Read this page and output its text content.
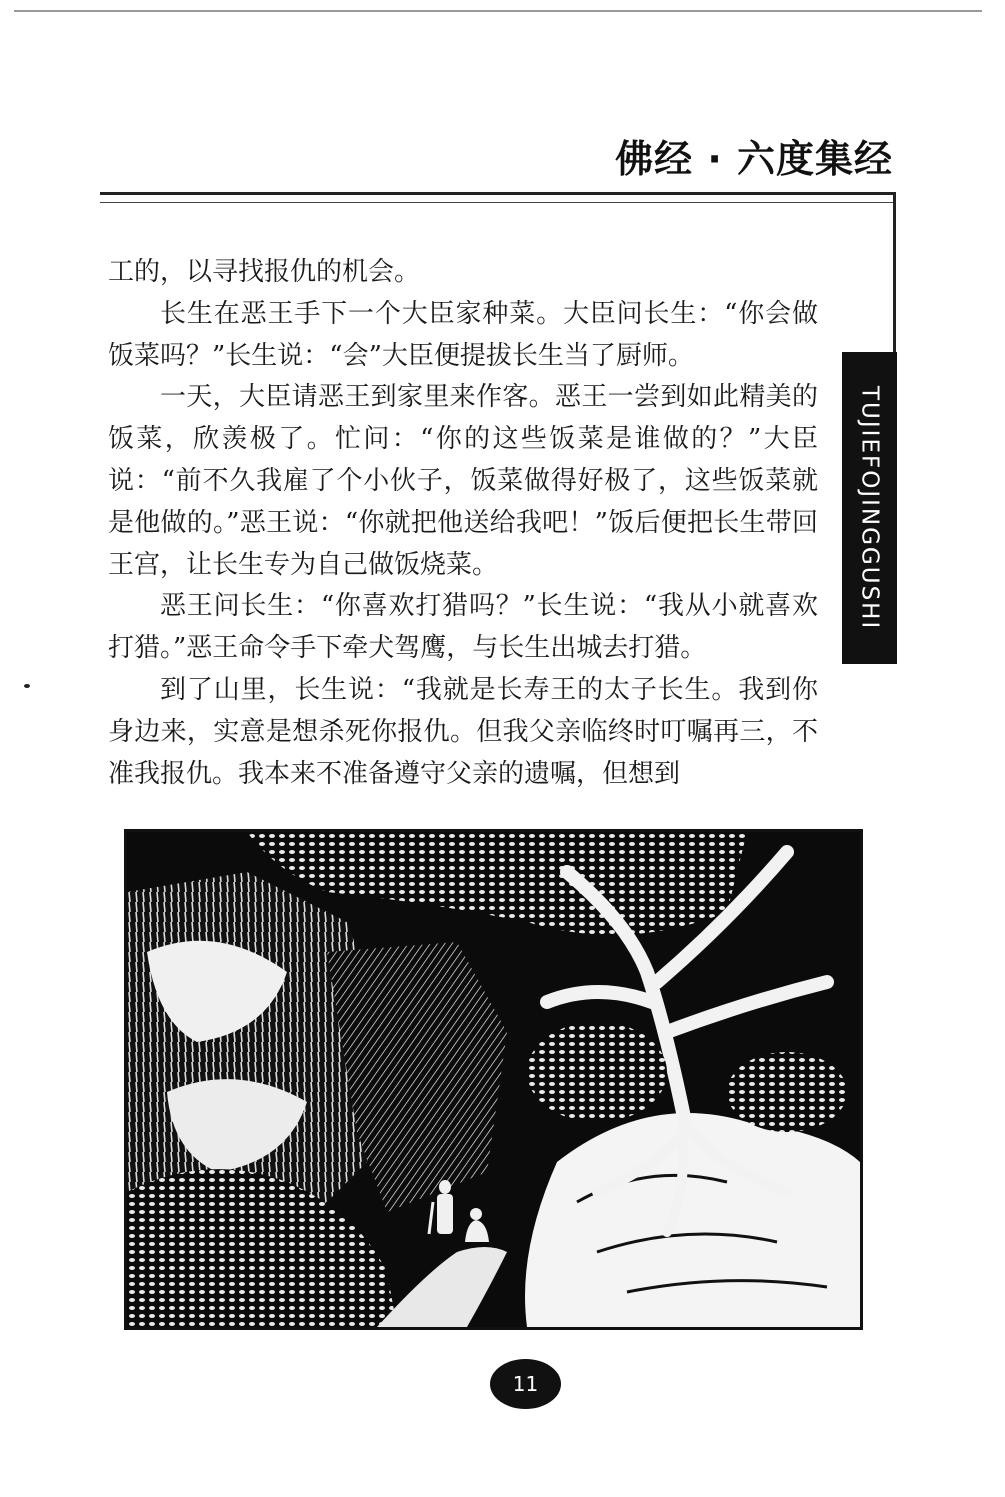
佛经 · 六度集经
TUJIEFOJINGGUSHI

工的，以寻找报仇的机会。

长生在恶王手下一个大臣家种菜。大臣问长生：“你会做饭菜吗？”长生说：“会”大臣便提拔长生当了厨师。

一天，大臣请恶王到家里来作客。恶王一尝到如此精美的饭菜，欣羡极了。忙问：“你的这些饭菜是谁做的？”大臣说：“前不久我雇了个小伙子，饭菜做得好极了，这些饭菜就是他做的。”恶王说：“你就把他送给我吧！”饭后便把长生带回王宫，让长生专为自己做饭烧菜。

恶王问长生：“你喜欢打猎吗？”长生说：“我从小就喜欢打猎。”恶王命令手下牵犬驾鹰，与长生出城去打猎。

到了山里，长生说：“我就是长寿王的太子长生。我到你身边来，实意是想杀死你报仇。但我父亲临终时叮嘱再三，不准我报仇。我本来不准备遵守父亲的遗嘱，但想到

11
